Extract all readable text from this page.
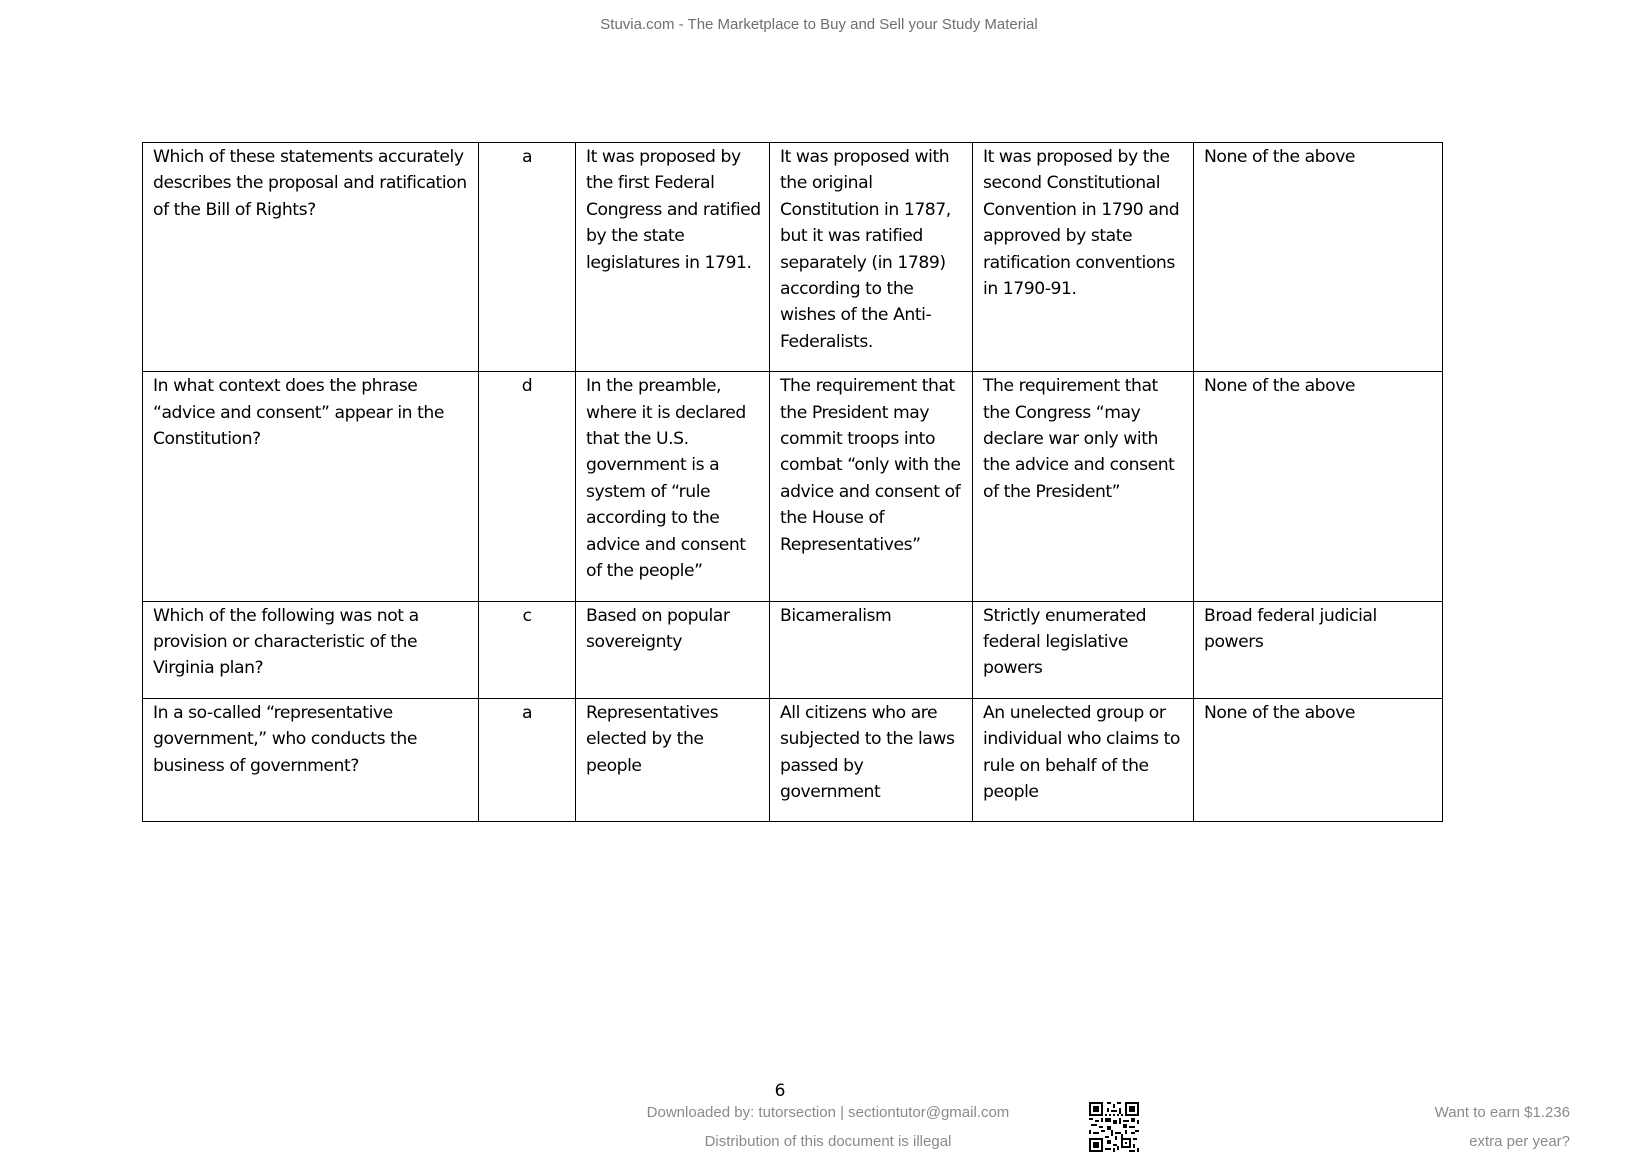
Stuvia.com - The Marketplace to Buy and Sell your Study Material
Which of these statements accurately describes the proposal and ratification of the Bill of Rights?	a	It was proposed by the first Federal Congress and ratified by the state legislatures in 1791.	It was proposed with the original Constitution in 1787, but it was ratified separately (in 1789) according to the wishes of the Anti-Federalists.	It was proposed by the second Constitutional Convention in 1790 and approved by state ratification conventions in 1790-91.	None of the above
In what context does the phrase “advice and consent” appear in the Constitution?	d	In the preamble, where it is declared that the U.S. government is a system of “rule according to the advice and consent of the people”	The requirement that the President may commit troops into combat “only with the advice and consent of the House of Representatives”	The requirement that the Congress “may declare war only with the advice and consent of the President”	None of the above
Which of the following was not a provision or characteristic of the Virginia plan?	c	Based on popular sovereignty	Bicameralism	Strictly enumerated federal legislative powers	Broad federal judicial powers
In a so-called “representative government,” who conducts the business of government?	a	Representatives elected by the people	All citizens who are subjected to the laws passed by government	An unelected group or individual who claims to rule on behalf of the people	None of the above
6
Downloaded by: tutorsection | sectiontutor@gmail.com
Distribution of this document is illegal
Want to earn $1.236
extra per year?
